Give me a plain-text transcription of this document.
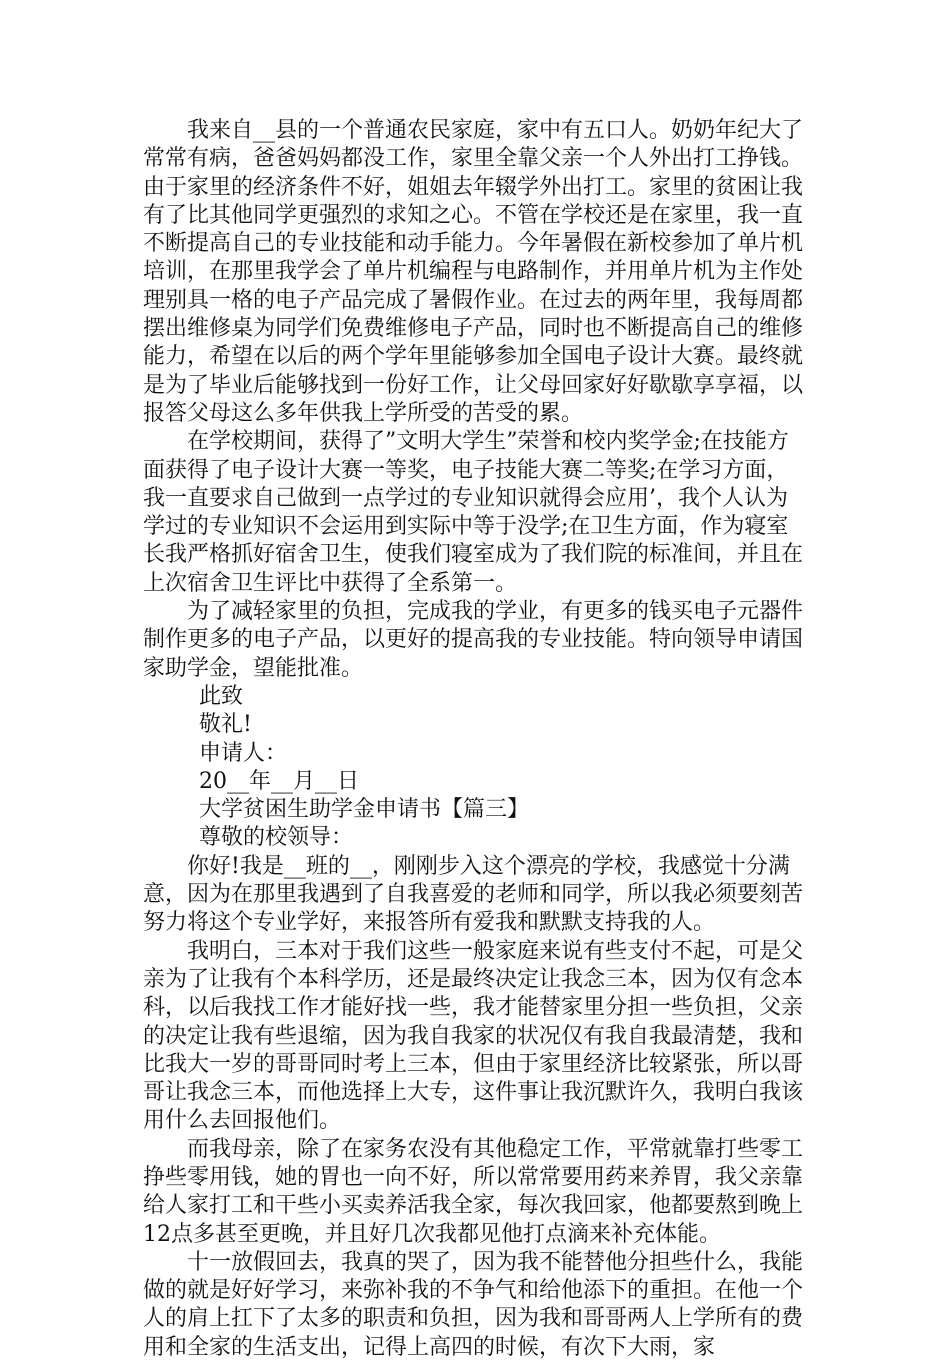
我来自__县的一个普通农民家庭，家中有五口人。奶奶年纪大了常常有病，爸爸妈妈都没工作，家里全靠父亲一个人外出打工挣钱。由于家里的经济条件不好，姐姐去年辍学外出打工。家里的贫困让我有了比其他同学更强烈的求知之心。不管在学校还是在家里，我一直不断提高自己的专业技能和动手能力。今年暑假在新校参加了单片机培训，在那里我学会了单片机编程与电路制作，并用单片机为主作处理别具一格的电子产品完成了暑假作业。在过去的两年里，我每周都摆出维修桌为同学们免费维修电子产品，同时也不断提高自己的维修能力，希望在以后的两个学年里能够参加全国电子设计大赛。最终就是为了毕业后能够找到一份好工作，让父母回家好好歇歇享享福，以报答父母这么多年供我上学所受的苦受的累。

在学校期间，获得了”文明大学生”荣誉和校内奖学金;在技能方面获得了电子设计大赛一等奖，电子技能大赛二等奖;在学习方面，我一直要求自己做到一点学过的专业知识就得会应用’，我个人认为学过的专业知识不会运用到实际中等于没学;在卫生方面，作为寝室长我严格抓好宿舍卫生，使我们寝室成为了我们院的标准间，并且在上次宿舍卫生评比中获得了全系第一。

为了减轻家里的负担，完成我的学业，有更多的钱买电子元器件制作更多的电子产品，以更好的提高我的专业技能。特向领导申请国家助学金，望能批准。

此致

敬礼!

申请人：

20__年__月__日

大学贫困生助学金申请书【篇三】

尊敬的校领导：

你好!我是__班的__，刚刚步入这个漂亮的学校，我感觉十分满意，因为在那里我遇到了自我喜爱的老师和同学，所以我必须要刻苦努力将这个专业学好，来报答所有爱我和默默支持我的人。

我明白，三本对于我们这些一般家庭来说有些支付不起，可是父亲为了让我有个本科学历，还是最终决定让我念三本，因为仅有念本科，以后我找工作才能好找一些，我才能替家里分担一些负担，父亲的决定让我有些退缩，因为我自我家的状况仅有我自我最清楚，我和比我大一岁的哥哥同时考上三本，但由于家里经济比较紧张，所以哥哥让我念三本，而他选择上大专，这件事让我沉默许久，我明白我该用什么去回报他们。

而我母亲，除了在家务农没有其他稳定工作，平常就靠打些零工挣些零用钱，她的胃也一向不好，所以常常要用药来养胃，我父亲靠给人家打工和干些小买卖养活我全家，每次我回家，他都要熬到晚上12点多甚至更晚，并且好几次我都见他打点滴来补充体能。

十一放假回去，我真的哭了，因为我不能替他分担些什么，我能做的就是好好学习，来弥补我的不争气和给他添下的重担。在他一个人的肩上扛下了太多的职责和负担，因为我和哥哥两人上学所有的费用和全家的生活支出，记得上高四的时候，有次下大雨，家
